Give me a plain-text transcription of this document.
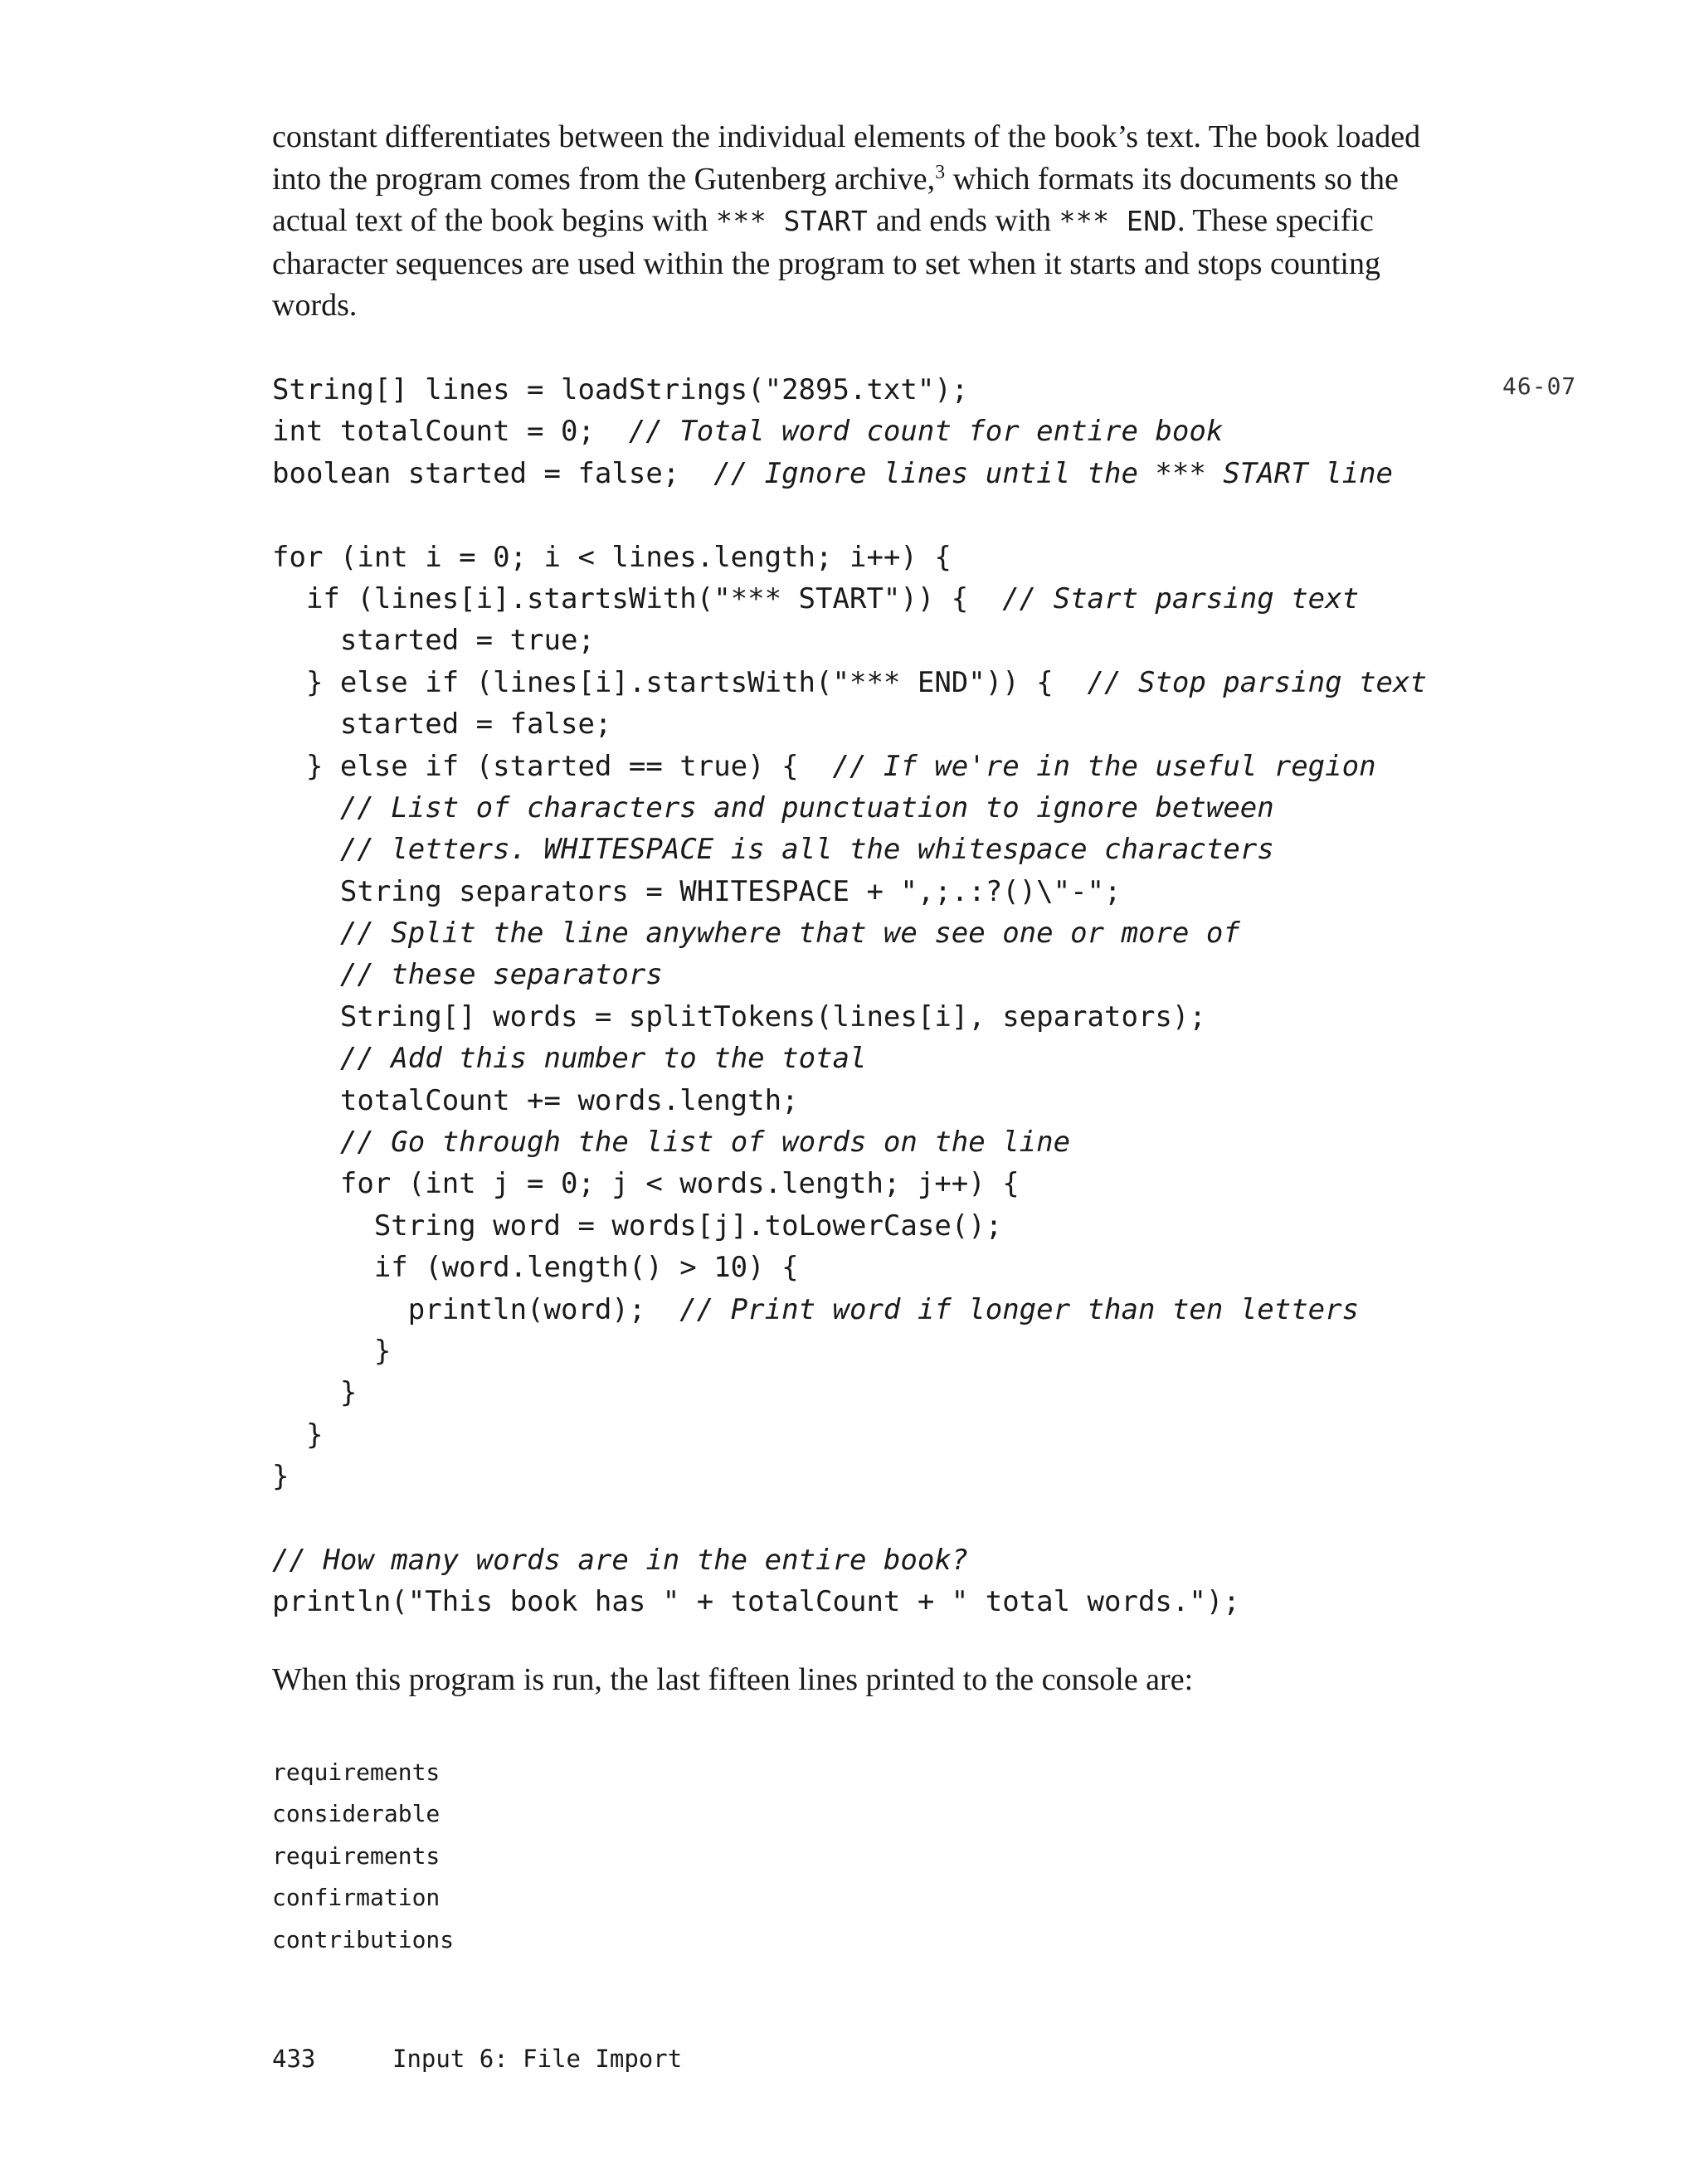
constant differentiates between the individual elements of the book’s text. The book loaded into the program comes from the Gutenberg archive,$^3$ which formats its documents so the actual text of the book begins with *** START and ends with *** END. These specific character sequences are used within the program to set when it starts and stops counting words.

46-07
String[] lines = loadStrings("2895.txt");
int totalCount = 0;  // Total word count for entire book
boolean started = false;  // Ignore lines until the *** START line
for (int i = 0; i < lines.length; i++) {
if (lines[i].startsWith("*** START")) {  // Start parsing text
started = true;
} else if (lines[i].startsWith("*** END")) {  // Stop parsing text
started = false;
} else if (started == true) {  // If we're in the useful region
// List of characters and punctuation to ignore between
// letters. WHITESPACE is all the whitespace characters
String separators = WHITESPACE + ",;.:?()\"-";
// Split the line anywhere that we see one or more of
// these separators
String[] words = splitTokens(lines[i], separators);
// Add this number to the total
totalCount += words.length;
// Go through the list of words on the line
for (int j = 0; j < words.length; j++) {
String word = words[j].toLowerCase();
if (word.length() > 10) {
println(word);  // Print word if longer than ten letters
}
}
}
}
// How many words are in the entire book?
println("This book has " + totalCount + " total words.");

When this program is run, the last fifteen lines printed to the console are:

requirements
considerable
requirements
confirmation
contributions
433	Input 6: File Import
